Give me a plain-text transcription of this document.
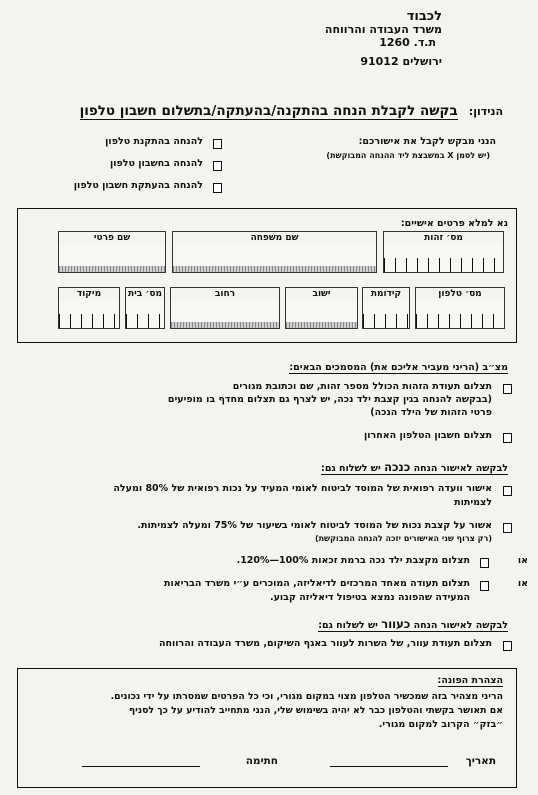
לכבוד
משרד העבודה והרווחה
ת.ד. 1260
ירושלים 91012
הנידון: בקשה לקבלת הנחה בהתקנה/בהעתקה/בתשלום חשבון טלפון
הנני מבקש לקבל את אישורכם:
(יש לסמן X במשבצת ליד ההנחה המבוקשת)
להנחה בהתקנת טלפון
להנחה בחשבון טלפון
להנחה בהעתקת חשבון טלפון
נא למלא פרטים אישיים:
מס׳ זהות
שם משפחה
שם פרטי
מס׳ טלפון
קידומת
ישוב
רחוב
מס׳ בית
מיקוד
מצ״ב (הריני מעביר אליכם את) המסמכים הבאים:
תצלום תעודת הזהות הכולל מספר זהות, שם וכתובת מגורים
(בבקשה להנחה בגין קצבת ילד נכה, יש לצרף גם תצלום מחדף בו מופיעים
פרטי הזהות של הילד הנכה)
תצלום חשבון הטלפון האחרון
לבקשה לאישור הנחה כנכה יש לשלוח גם:
אישור וועדה רפואית של המוסד לביטוח לאומי המעיד על נכות רפואית של 80% ומעלה
לצמיתות
אשור על קצבת נכות של המוסד לביטוח לאומי בשיעור של 75% ומעלה לצמיתות.
(רק צרוף שני האישורים יזכה להנחה המבוקשת)
או
תצלום מקצבת ילד נכה ברמת זכאות 100%—120%.
או
תצלום תעודה מאחד המרכזים לדיאליזה, המוכרים ע״י משרד הבריאות
המעידה שהפונה נמצא בטיפול דיאליזה קבוע.
לבקשה לאישור הנחה כעוור יש לשלוח גם:
תצלום תעודת עוור, של השרות לעוור באגף השיקום, משרד העבודה והרווחה
הצהרת הפונה:
הריני מצהיר בזה שמכשיר הטלפון מצוי במקום מגורי, וכי כל הפרטים שמסרתו על ידי נכונים.
אם תאושר בקשתי והטלפון כבר לא יהיה בשימוש שלי, הנני מתחייב להודיע על כך לסניף
״בזק״ הקרוב למקום מגורי.
תאריך
חתימה
